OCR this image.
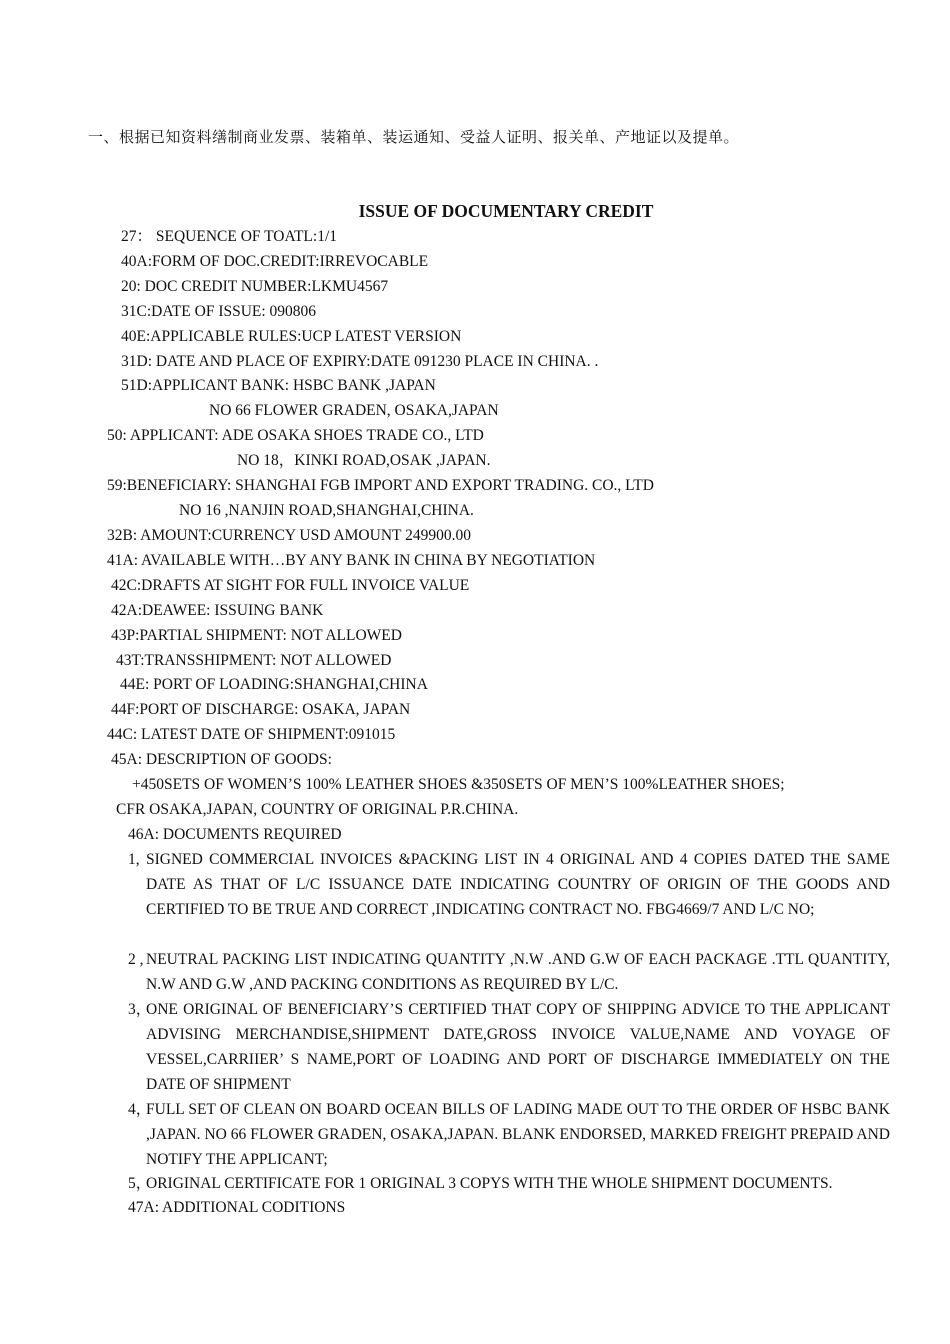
一、根据已知资料缮制商业发票、装箱单、装运通知、受益人证明、报关单、产地证以及提单。
ISSUE OF DOCUMENTARY CREDIT
27： SEQUENCE OF TOATL:1/1
40A:FORM OF DOC.CREDIT:IRREVOCABLE
20: DOC CREDIT NUMBER:LKMU4567
31C:DATE OF ISSUE: 090806
40E:APPLICABLE RULES:UCP LATEST VERSION
31D: DATE AND PLACE OF EXPIRY:DATE 091230 PLACE IN CHINA. .
51D:APPLICANT BANK: HSBC BANK ,JAPAN
NO 66 FLOWER GRADEN, OSAKA,JAPAN
50: APPLICANT: ADE OSAKA SHOES TRADE CO., LTD
NO 18，KINKI ROAD,OSAK ,JAPAN.
59:BENEFICIARY: SHANGHAI FGB IMPORT AND EXPORT TRADING. CO., LTD
NO 16 ,NANJIN ROAD,SHANGHAI,CHINA.
32B: AMOUNT:CURRENCY USD AMOUNT 249900.00
41A: AVAILABLE WITH…BY ANY BANK IN CHINA BY NEGOTIATION
42C:DRAFTS AT SIGHT FOR FULL INVOICE VALUE
42A:DEAWEE: ISSUING BANK
43P:PARTIAL SHIPMENT: NOT ALLOWED
43T:TRANSSHIPMENT: NOT ALLOWED
44E: PORT OF LOADING:SHANGHAI,CHINA
44F:PORT OF DISCHARGE: OSAKA, JAPAN
44C: LATEST DATE OF SHIPMENT:091015
45A: DESCRIPTION OF GOODS:
+450SETS OF WOMEN’S 100% LEATHER SHOES &350SETS OF MEN’S 100%LEATHER SHOES;
CFR OSAKA,JAPAN, COUNTRY OF ORIGINAL P.R.CHINA.
46A: DOCUMENTS REQUIRED
1, SIGNED COMMERCIAL INVOICES &PACKING LIST IN 4 ORIGINAL AND 4 COPIES DATED THE SAME DATE AS THAT OF L/C ISSUANCE DATE INDICATING COUNTRY OF ORIGIN OF THE GOODS AND CERTIFIED TO BE TRUE AND CORRECT ,INDICATING CONTRACT NO. FBG4669/7 AND L/C NO;
2 , NEUTRAL PACKING LIST INDICATING QUANTITY ,N.W .AND G.W OF EACH PACKAGE .TTL QUANTITY, N.W AND G.W ,AND PACKING CONDITIONS AS REQUIRED BY L/C.
3，
ONE ORIGINAL OF BENEFICIARY’S CERTIFIED THAT COPY OF SHIPPING ADVICE TO THE APPLICANT ADVISING MERCHANDISE,SHIPMENT DATE,GROSS INVOICE VALUE,NAME AND VOYAGE OF VESSEL,CARRIIER’ S NAME,PORT OF LOADING AND PORT OF DISCHARGE IMMEDIATELY ON THE DATE OF SHIPMENT
4，
FULL SET OF CLEAN ON BOARD OCEAN BILLS OF LADING MADE OUT TO THE ORDER OF HSBC BANK ,JAPAN. NO 66 FLOWER GRADEN, OSAKA,JAPAN. BLANK ENDORSED, MARKED FREIGHT PREPAID AND NOTIFY THE APPLICANT;
5，
ORIGINAL CERTIFICATE FOR 1 ORIGINAL 3 COPYS WITH THE WHOLE SHIPMENT DOCUMENTS.
47A: ADDITIONAL CODITIONS
